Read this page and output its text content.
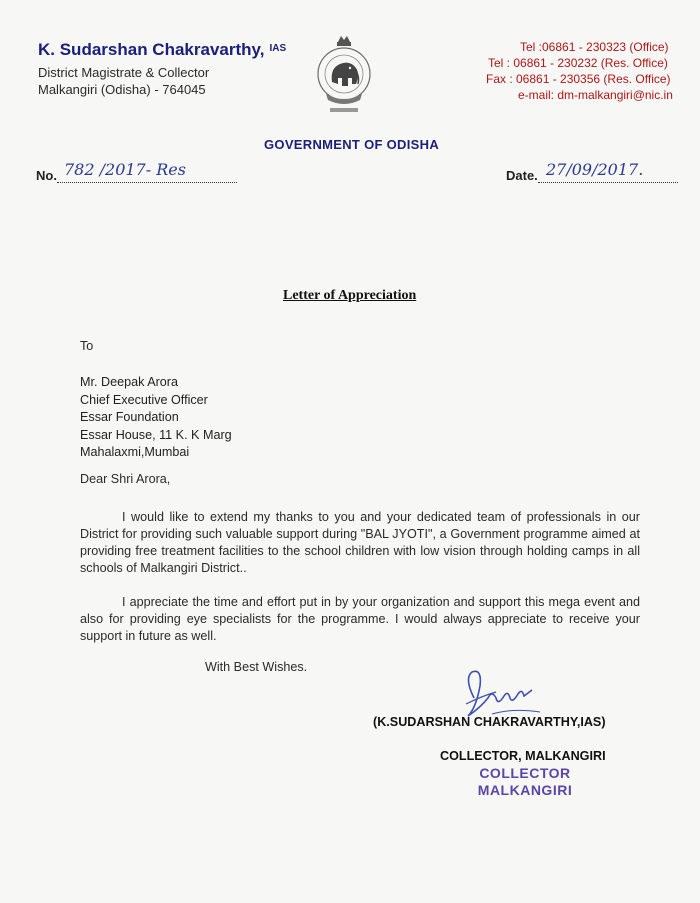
K. Sudarshan Chakravarthy, $^{IAS}$
District Magistrate & Collector
Malkangiri (Odisha) - 764045
Tel :06861 - 230323 (Office)
Tel : 06861 - 230232 (Res. Office)
Fax : 06861 - 230356 (Res. Office)
e-mail: dm-malkangiri@nic.in
GOVERNMENT OF ODISHA
No. 782 /2017- Res	Date. 27/09/2017.
Letter of Appreciation
To
Mr. Deepak Arora
Chief Executive Officer
Essar Foundation
Essar House, 11 K. K Marg
Mahalaxmi,Mumbai
Dear Shri Arora,
I would like to extend my thanks to you and your dedicated team of professionals in our District for providing such valuable support during "BAL JYOTI", a Government programme aimed at providing free treatment facilities to the school children with low vision through holding camps in all schools of Malkangiri District..
I appreciate the time and effort put in by your organization and support this mega event and also for providing eye specialists for the programme. I would always appreciate to receive your support in future as well.
With Best Wishes.
(K.SUDARSHAN CHAKRAVARTHY,IAS)
COLLECTOR, MALKANGIRI
COLLECTOR
MALKANGIRI
